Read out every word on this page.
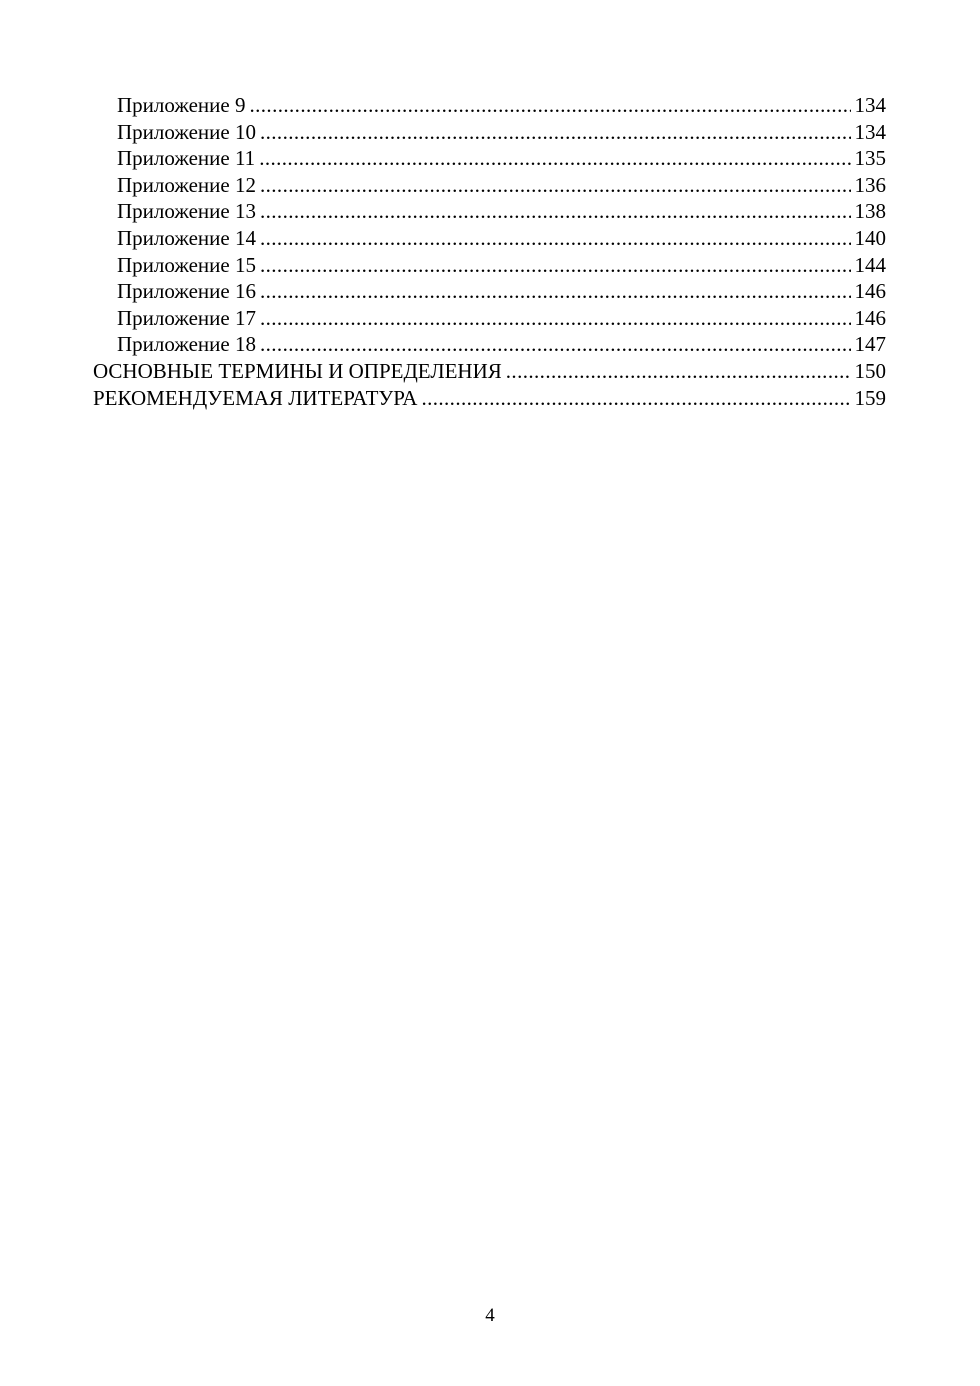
Приложение 9 .....	134
Приложение 10 .....	134
Приложение 11 .....	135
Приложение 12 .....	136
Приложение 13 .....	138
Приложение 14 .....	140
Приложение 15 .....	144
Приложение 16 .....	146
Приложение 17 .....	146
Приложение 18 .....	147
ОСНОВНЫЕ ТЕРМИНЫ И ОПРЕДЕЛЕНИЯ .....	150
РЕКОМЕНДУЕМАЯ ЛИТЕРАТУРА .....	159
4
